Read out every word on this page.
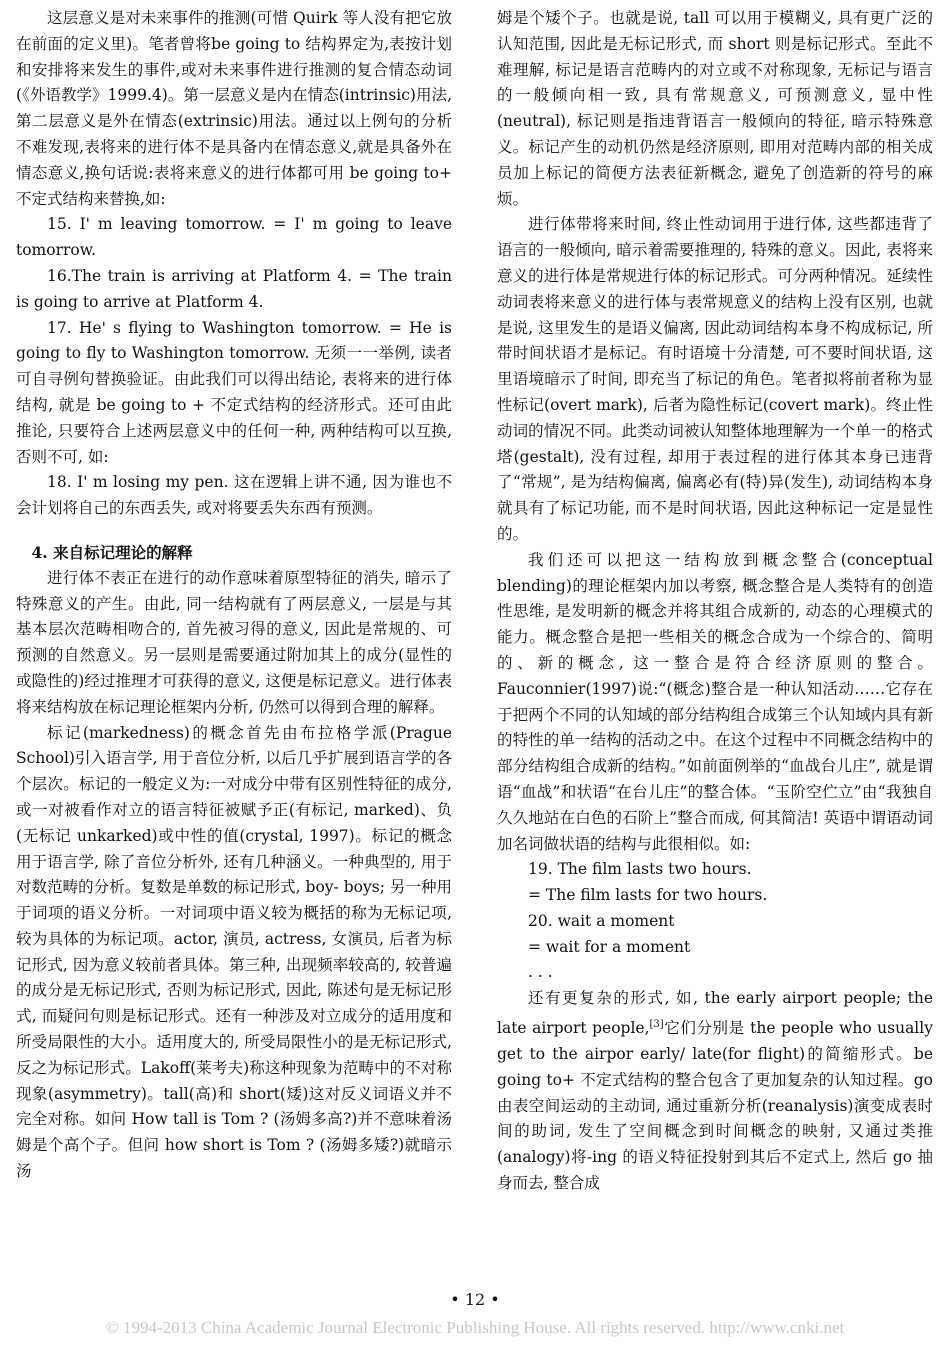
这层意义是对未来事件的推测(可惜 Quirk 等人没有把它放在前面的定义里)。笔者曾将be going to 结构界定为,表按计划和安排将来发生的事件,或对未来事件进行推测的复合情态动词(《外语教学》1999.4)。第一层意义是内在情态(intrinsic)用法,第二层意义是外在情态(extrinsic)用法。通过以上例句的分析不难发现,表将来的进行体不是具备内在情态意义,就是具备外在情态意义,换句话说:表将来意义的进行体都可用 be going to+ 不定式结构来替换,如:

15. I' m leaving tomorrow. = I' m going to leave tomorrow.

16.The train is arriving at Platform 4. = The train is going to arrive at Platform 4.

17. He' s flying to Washington tomorrow. = He is going to fly to Washington tomorrow. 无须一一举例, 读者可自寻例句替换验证。由此我们可以得出结论, 表将来的进行体结构, 就是 be going to + 不定式结构的经济形式。还可由此推论, 只要符合上述两层意义中的任何一种, 两种结构可以互换, 否则不可, 如:

18. I' m losing my pen. 这在逻辑上讲不通, 因为谁也不会计划将自己的东西丢失, 或对将要丢失东西有预测。

4. 来自标记理论的解释

进行体不表正在进行的动作意味着原型特征的消失, 暗示了特殊意义的产生。由此, 同一结构就有了两层意义, 一层是与其基本层次范畴相吻合的, 首先被习得的意义, 因此是常规的、可预测的自然意义。另一层则是需要通过附加其上的成分(显性的或隐性的)经过推理才可获得的意义, 这便是标记意义。进行体表将来结构放在标记理论框架内分析, 仍然可以得到合理的解释。

标记(markedness)的概念首先由布拉格学派(Prague School)引入语言学, 用于音位分析, 以后几乎扩展到语言学的各个层次。标记的一般定义为:一对成分中带有区别性特征的成分, 或一对被看作对立的语言特征被赋予正(有标记, marked)、负(无标记 unkarked)或中性的值(crystal, 1997)。标记的概念用于语言学, 除了音位分析外, 还有几种涵义。一种典型的, 用于对数范畴的分析。复数是单数的标记形式, boy- boys; 另一种用于词项的语义分析。一对词项中语义较为概括的称为无标记项, 较为具体的为标记项。actor, 演员, actress, 女演员, 后者为标记形式, 因为意义较前者具体。第三种, 出现频率较高的, 较普遍的成分是无标记形式, 否则为标记形式, 因此, 陈述句是无标记形式, 而疑问句则是标记形式。还有一种涉及对立成分的适用度和所受局限性的大小。适用度大的, 所受局限性小的是无标记形式, 反之为标记形式。Lakoff(莱考夫)称这种现象为范畴中的不对称现象(asymmetry)。tall(高)和 short(矮)这对反义词语义并不完全对称。如问 How tall is Tom ? (汤姆多高?)并不意味着汤姆是个高个子。但问 how short is Tom ? (汤姆多矮?)就暗示汤

姆是个矮个子。也就是说, tall 可以用于模糊义, 具有更广泛的认知范围, 因此是无标记形式, 而 short 则是标记形式。至此不难理解, 标记是语言范畴内的对立或不对称现象, 无标记与语言的一般倾向相一致, 具有常规意义, 可预测意义, 显中性(neutral), 标记则是指违背语言一般倾向的特征, 暗示特殊意义。标记产生的动机仍然是经济原则, 即用对范畴内部的相关成员加上标记的简便方法表征新概念, 避免了创造新的符号的麻烦。

进行体带将来时间, 终止性动词用于进行体, 这些都违背了语言的一般倾向, 暗示着需要推理的, 特殊的意义。因此, 表将来意义的进行体是常规进行体的标记形式。可分两种情况。延续性动词表将来意义的进行体与表常规意义的结构上没有区别, 也就是说, 这里发生的是语义偏离, 因此动词结构本身不构成标记, 所带时间状语才是标记。有时语境十分清楚, 可不要时间状语, 这里语境暗示了时间, 即充当了标记的角色。笔者拟将前者称为显性标记(overt mark), 后者为隐性标记(covert mark)。终止性动词的情况不同。此类动词被认知整体地理解为一个单一的格式塔(gestalt), 没有过程, 却用于表过程的进行体其本身已违背了“常规”, 是为结构偏离, 偏离必有(特)异(发生), 动词结构本身就具有了标记功能, 而不是时间状语, 因此这种标记一定是显性的。

我们还可以把这一结构放到概念整合(conceptual blending)的理论框架内加以考察, 概念整合是人类特有的创造性思维, 是发明新的概念并将其组合成新的, 动态的心理模式的能力。概念整合是把一些相关的概念合成为一个综合的、简明的、新的概念, 这一整合是符合经济原则的整合。Fauconnier(1997)说:“(概念)整合是一种认知活动……它存在于把两个不同的认知域的部分结构组合成第三个认知域内具有新的特性的单一结构的活动之中。在这个过程中不同概念结构中的部分结构组合成新的结构。”如前面例举的“血战台儿庄”, 就是谓语“血战”和状语“在台儿庄”的整合体。“玉阶空伫立”由“我独自久久地站在白色的石阶上”整合而成, 何其简洁! 英语中谓语动词加名词做状语的结构与此很相似。如:

19. The film lasts two hours.

= The film lasts for two hours.

20. wait a moment

= wait for a moment

. . .

还有更复杂的形式, 如, the early airport people; the late airport people,[3]它们分别是 the people who usually get to the airpor early/ late(for flight)的简缩形式。be going to+ 不定式结构的整合包含了更加复杂的认知过程。go 由表空间运动的主动词, 通过重新分析(reanalysis)演变成表时间的助词, 发生了空间概念到时间概念的映射, 又通过类推(analogy)将-ing 的语义特征投射到其后不定式上, 然后 go 抽身而去, 整合成

• 12 •
© 1994-2013 China Academic Journal Electronic Publishing House. All rights reserved. http://www.cnki.net
